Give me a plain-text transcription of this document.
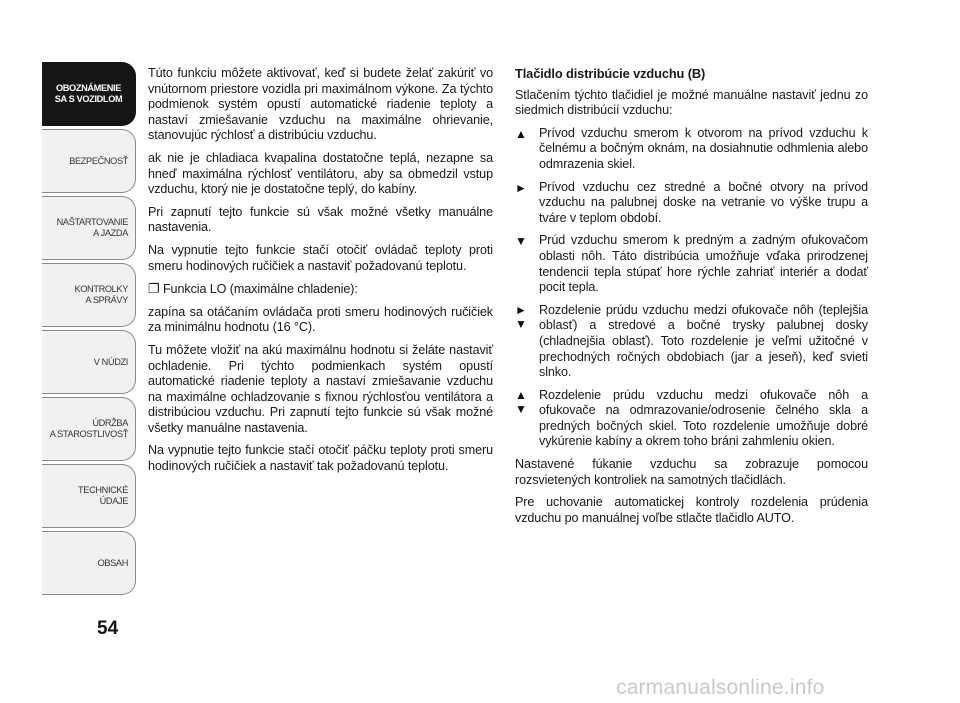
OBOZNÁMENIE
SA S VOZIDLOM
BEZPEČNOSŤ
NAŠTARTOVANIE
A JAZDA
KONTROLKY
A SPRÁVY
V NÚDZI
ÚDRŽBA
A STAROSTLIVOSŤ
TECHNICKÉ
ÚDAJE
OBSAH
54

Túto funkciu môžete aktivovať, keď si budete želať zakúriť vo vnútornom priestore vozidla pri maximálnom výkone. Za týchto podmienok systém opustí automatické riadenie teploty a nastaví zmiešavanie vzduchu na maximálne ohrievanie, stanovujúc rýchlosť a distribúciu vzduchu.

ak nie je chladiaca kvapalina dostatočne teplá, nezapne sa hneď maximálna rýchlosť ventilátoru, aby sa obmedzil vstup vzduchu, ktorý nie je dostatočne teplý, do kabíny.

Pri zapnutí tejto funkcie sú však možné všetky manuálne nastavenia.

Na vypnutie tejto funkcie stačí otočiť ovládač teploty proti smeru hodinových ručičiek a nastaviť požadovanú teplotu.

❐ Funkcia LO (maximálne chladenie):

zapína sa otáčaním ovládača proti smeru hodinových ručičiek za minimálnu hodnotu (16 °C).

Tu môžete vložiť na akú maximálnu hodnotu si želáte nastaviť ochladenie. Pri týchto podmienkach systém opustí automatické riadenie teploty a nastaví zmiešavanie vzduchu na maximálne ochladzovanie s fixnou rýchlosťou ventilátora a distribúciou vzduchu. Pri zapnutí tejto funkcie sú však možné všetky manuálne nastavenia.

Na vypnutie tejto funkcie stačí otočiť páčku teploty proti smeru hodinových ručičiek a nastaviť tak požadovanú teplotu.

Tlačidlo distribúcie vzduchu (B)

Stlačením týchto tlačidiel je možné manuálne nastaviť jednu zo siedmich distribúcií vzduchu:

▲ Prívod vzduchu smerom k otvorom na prívod vzduchu k čelnému a bočným oknám, na dosiahnutie odhmlenia alebo odmrazenia skiel.
► Prívod vzduchu cez stredné a bočné otvory na prívod vzduchu na palubnej doske na vetranie vo výške trupu a tváre v teplom období.
▼ Prúd vzduchu smerom k predným a zadným ofukovačom oblasti nôh. Táto distribúcia umožňuje vďaka prirodzenej tendencii tepla stúpať hore rýchle zahriať interiér a dodať pocit tepla.
►
▼
Rozdelenie prúdu vzduchu medzi ofukovače nôh (teplejšia oblasť) a stredové a bočné trysky palubnej dosky (chladnejšia oblasť). Toto rozdelenie je veľmi užitočné v prechodných ročných obdobiach (jar a jeseň), keď svieti slnko.
▲
▼
Rozdelenie prúdu vzduchu medzi ofukovače nôh a ofukovače na odmrazovanie/odrosenie čelného skla a predných bočných skiel. Toto rozdelenie umožňuje dobré vykúrenie kabíny a okrem toho bráni zahmleniu okien.

Nastavené fúkanie vzduchu sa zobrazuje pomocou rozsvietených kontroliek na samotných tlačidlách.

Pre uchovanie automatickej kontroly rozdelenia prúdenia vzduchu po manuálnej voľbe stlačte tlačidlo AUTO.

carmanualsonline.info
